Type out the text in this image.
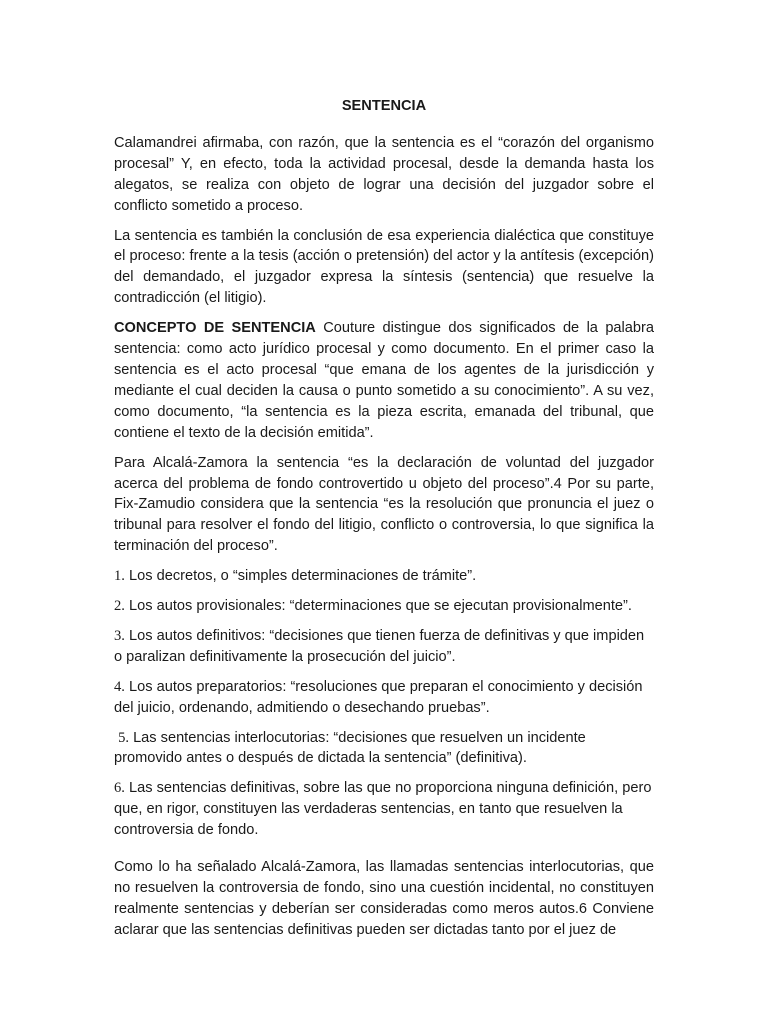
SENTENCIA

Calamandrei afirmaba, con razón, que la sentencia es el “corazón del organismo procesal” Y, en efecto, toda la actividad procesal, desde la demanda hasta los alegatos, se realiza con objeto de lograr una decisión del juzgador sobre el conflicto sometido a proceso.

La sentencia es también la conclusión de esa experiencia dialéctica que constituye el proceso: frente a la tesis (acción o pretensión) del actor y la antítesis (excepción) del demandado, el juzgador expresa la síntesis (sentencia) que resuelve la contradicción (el litigio).

CONCEPTO DE SENTENCIA Couture distingue dos significados de la palabra sentencia: como acto jurídico procesal y como documento. En el primer caso la sentencia es el acto procesal “que emana de los agentes de la jurisdicción y mediante el cual deciden la causa o punto sometido a su conocimiento”. A su vez, como documento, “la sentencia es la pieza escrita, emanada del tribunal, que contiene el texto de la decisión emitida”.

Para Alcalá-Zamora la sentencia “es la declaración de voluntad del juzgador acerca del problema de fondo controvertido u objeto del proceso”.4 Por su parte, Fix-Zamudio considera que la sentencia “es la resolución que pronuncia el juez o tribunal para resolver el fondo del litigio, conflicto o controversia, lo que significa la terminación del proceso”.

1. Los decretos, o “simples determinaciones de trámite”.

2. Los autos provisionales: “determinaciones que se ejecutan provisionalmente”.

3. Los autos definitivos: “decisiones que tienen fuerza de definitivas y que impiden o paralizan definitivamente la prosecución del juicio”.

4. Los autos preparatorios: “resoluciones que preparan el conocimiento y decisión del juicio, ordenando, admitiendo o desechando pruebas”.

5. Las sentencias interlocutorias: “decisiones que resuelven un incidente promovido antes o después de dictada la sentencia” (definitiva).

6. Las sentencias definitivas, sobre las que no proporciona ninguna definición, pero que, en rigor, constituyen las verdaderas sentencias, en tanto que resuelven la controversia de fondo.

Como lo ha señalado Alcalá-Zamora, las llamadas sentencias interlocutorias, que no resuelven la controversia de fondo, sino una cuestión incidental, no constituyen realmente sentencias y deberían ser consideradas como meros autos.6 Conviene aclarar que las sentencias definitivas pueden ser dictadas tanto por el juez de
